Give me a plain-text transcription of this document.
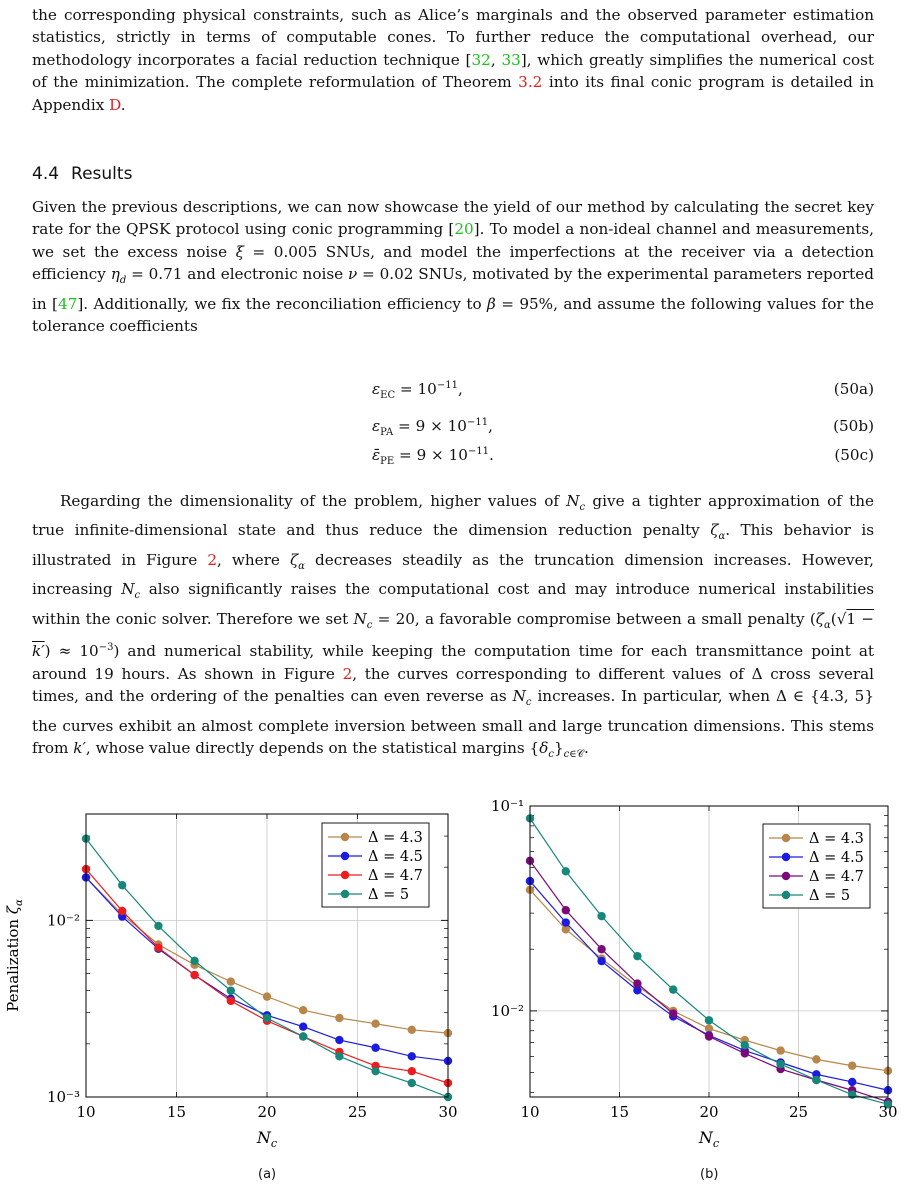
the corresponding physical constraints, such as Alice’s marginals and the observed parameter estimation statistics, strictly in terms of computable cones. To further reduce the computational overhead, our methodology incorporates a facial reduction technique [32, 33], which greatly simplifies the numerical cost of the minimization. The complete reformulation of Theorem 3.2 into its final conic program is detailed in Appendix D.

4.4 Results

Given the previous descriptions, we can now showcase the yield of our method by calculating the secret key rate for the QPSK protocol using conic programming [20]. To model a non-ideal channel and measurements, we set the excess noise ξ = 0.005 SNUs, and model the imperfections at the receiver via a detection efficiency $\eta_d = 0.71$ and electronic noise ν = 0.02 SNUs, motivated by the experimental parameters reported in [47]. Additionally, we fix the reconciliation efficiency to β = 95%, and assume the following values for the tolerance coefficients

$\varepsilon_{EC} = 10^{-11}$,	(50a)
$\varepsilon_{PA} = 9 \times 10^{-11}$,	(50b)
$\varepsilon̄_{PE} = 9 \times 10^{-11}$.	(50c)

Regarding the dimensionality of the problem, higher values of $N_c$ give a tighter approximation of the true infinite-dimensional state and thus reduce the dimension reduction penalty $\zeta_\alpha$. This behavior is illustrated in Figure 2, where $\zeta_\alpha$ decreases steadily as the truncation dimension increases. However, increasing $N_c$ also significantly raises the computational cost and may introduce numerical instabilities within the conic solver. Therefore we set $N_c = 20$, a favorable compromise between a small penalty $(\zeta_\alpha(√1 - k') \approx 10^{-3})$ and numerical stability, while keeping the computation time for each transmittance point at around 19 hours. As shown in Figure 2, the curves corresponding to different values of Δ cross several times, and the ordering of the penalties can even reverse as $N_c$ increases. In particular, when Δ ∈ {4.3, 5} the curves exhibit an almost complete inversion between small and large truncation dimensions. This stems from k′, whose value directly depends on the statistical margins $\{\delta_c\}_{c\in 𝒞}$.

10	15	20	25	30
10⁻³
10⁻²
$N_c$
Penalization $\zeta_\alpha$
Δ = 4.3
Δ = 4.5
Δ = 4.7
Δ = 5
10	15	20	25	30
10⁻²
10⁻¹
$N_c$
Δ = 4.3
Δ = 4.5
Δ = 4.7
Δ = 5
(a)	(b)
